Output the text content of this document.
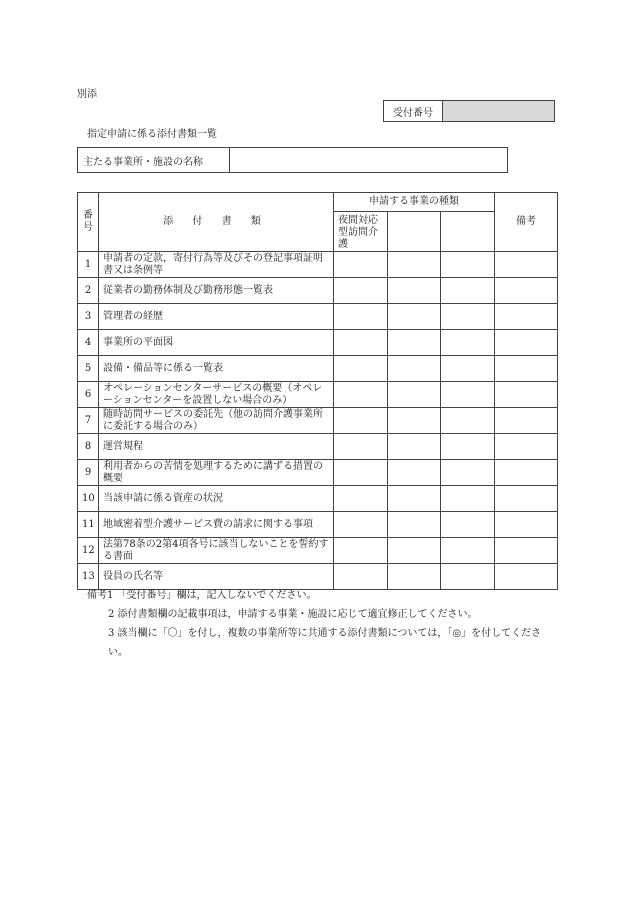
別添
受付番号
指定申請に係る添付書類一覧
主たる事業所・施設の名称
番号	添 付 書 類	申請する事業の種類			備考
		夜間対応型訪問介護			
1	申請者の定款，寄付行為等及びその登記事項証明書又は条例等				
2	従業者の勤務体制及び勤務形態一覧表				
3	管理者の経歴				
4	事業所の平面図				
5	設備・備品等に係る一覧表				
6	オペレーションセンターサービスの概要（オペレーションセンターを設置しない場合のみ）				
7	随時訪問サービスの委託先（他の訪問介護事業所に委託する場合のみ）				
8	運営規程				
9	利用者からの苦情を処理するために講ずる措置の概要				
10	当該申請に係る資産の状況				
11	地域密着型介護サービス費の請求に関する事項				
12	法第78条の2第4項各号に該当しないことを誓約する書面				
13	役員の氏名等				
備考1 「受付番号」欄は，記入しないでください。
2 添付書類欄の記載事項は，申請する事業・施設に応じて適宜修正してください。
3 該当欄に「〇」を付し，複数の事業所等に共通する添付書類については，「◎」を付してください。
